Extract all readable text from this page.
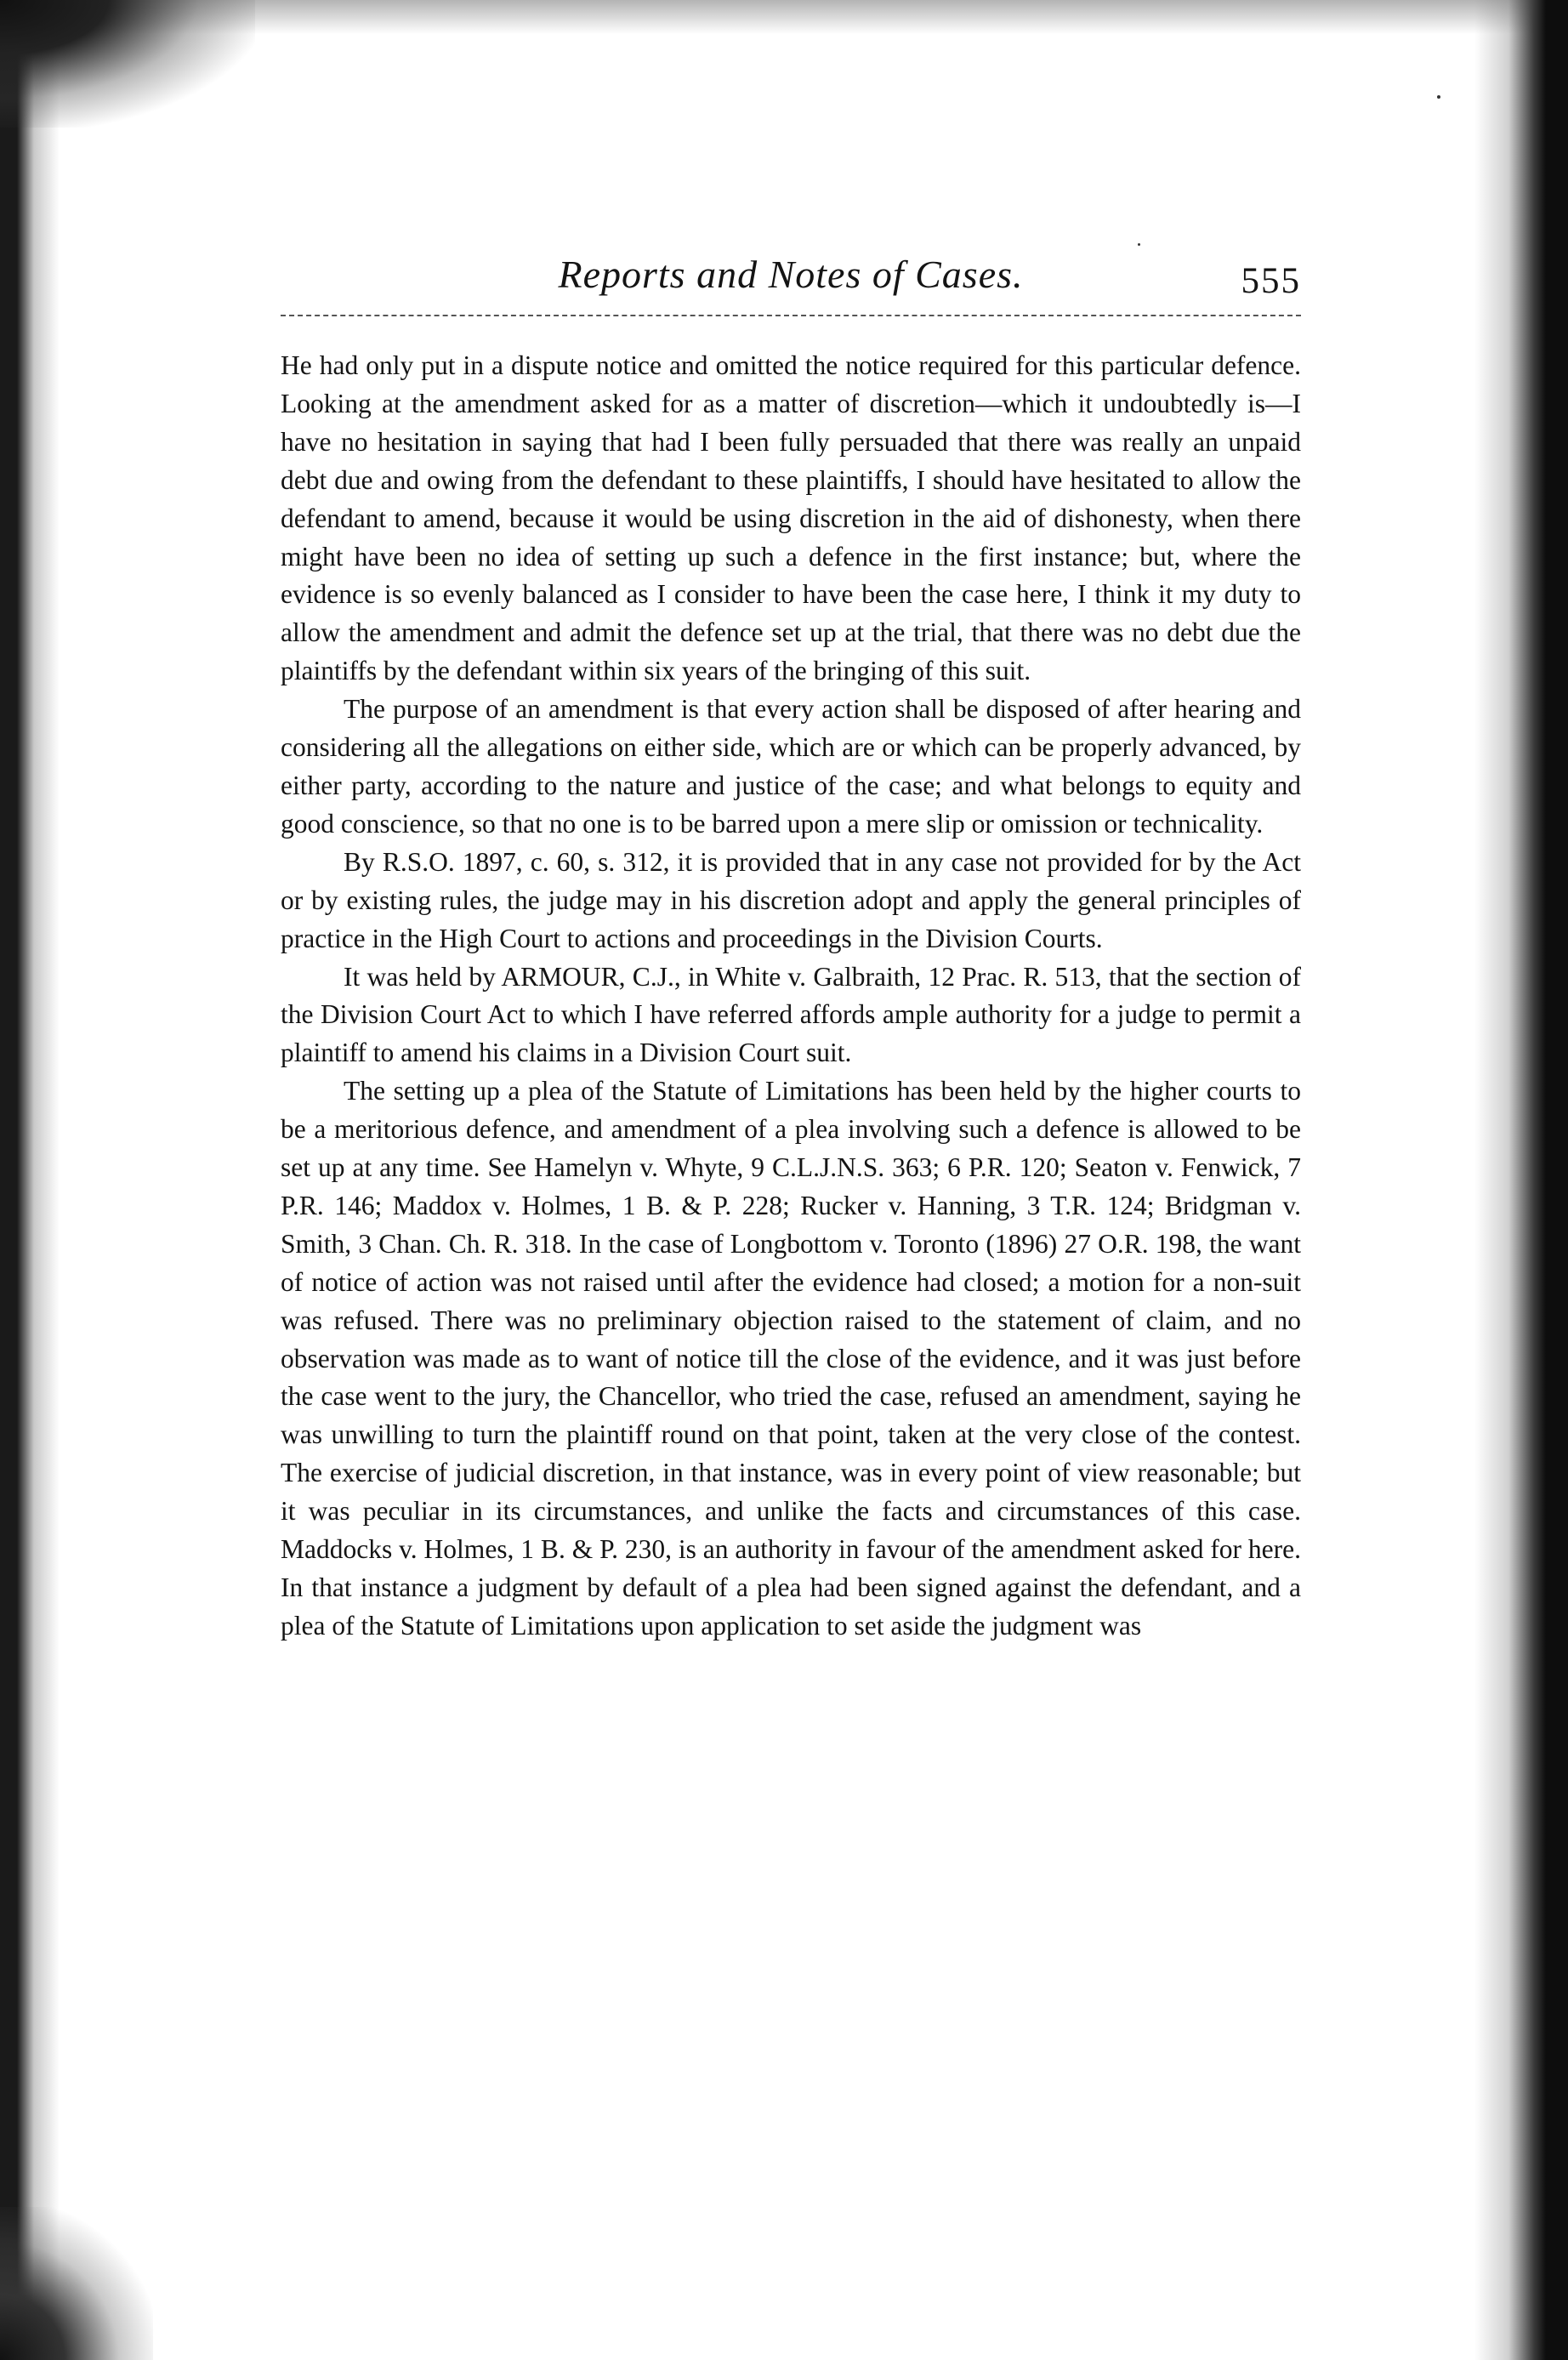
Reports and Notes of Cases.	555

He had only put in a dispute notice and omitted the notice required for this particular defence. Looking at the amendment asked for as a matter of discretion—which it undoubtedly is—I have no hesitation in saying that had I been fully persuaded that there was really an unpaid debt due and owing from the defendant to these plaintiffs, I should have hesitated to allow the defendant to amend, because it would be using discretion in the aid of dishonesty, when there might have been no idea of setting up such a defence in the first instance; but, where the evidence is so evenly balanced as I consider to have been the case here, I think it my duty to allow the amendment and admit the defence set up at the trial, that there was no debt due the plaintiffs by the defendant within six years of the bringing of this suit.

The purpose of an amendment is that every action shall be disposed of after hearing and considering all the allegations on either side, which are or which can be properly advanced, by either party, according to the nature and justice of the case; and what belongs to equity and good conscience, so that no one is to be barred upon a mere slip or omission or technicality.

By R.S.O. 1897, c. 60, s. 312, it is provided that in any case not provided for by the Act or by existing rules, the judge may in his discretion adopt and apply the general principles of practice in the High Court to actions and proceedings in the Division Courts.

It was held by ARMOUR, C.J., in White v. Galbraith, 12 Prac. R. 513, that the section of the Division Court Act to which I have referred affords ample authority for a judge to permit a plaintiff to amend his claims in a Division Court suit.

The setting up a plea of the Statute of Limitations has been held by the higher courts to be a meritorious defence, and amendment of a plea involving such a defence is allowed to be set up at any time. See Hamelyn v. Whyte, 9 C.L.J.N.S. 363; 6 P.R. 120; Seaton v. Fenwick, 7 P.R. 146; Maddox v. Holmes, 1 B. & P. 228; Rucker v. Hanning, 3 T.R. 124; Bridgman v. Smith, 3 Chan. Ch. R. 318. In the case of Longbottom v. Toronto (1896) 27 O.R. 198, the want of notice of action was not raised until after the evidence had closed; a motion for a non-suit was refused. There was no preliminary objection raised to the statement of claim, and no observation was made as to want of notice till the close of the evidence, and it was just before the case went to the jury, the Chancellor, who tried the case, refused an amendment, saying he was unwilling to turn the plaintiff round on that point, taken at the very close of the contest. The exercise of judicial discretion, in that instance, was in every point of view reasonable; but it was peculiar in its circumstances, and unlike the facts and circumstances of this case. Maddocks v. Holmes, 1 B. & P. 230, is an authority in favour of the amendment asked for here. In that instance a judgment by default of a plea had been signed against the defendant, and a plea of the Statute of Limitations upon application to set aside the judgment was
